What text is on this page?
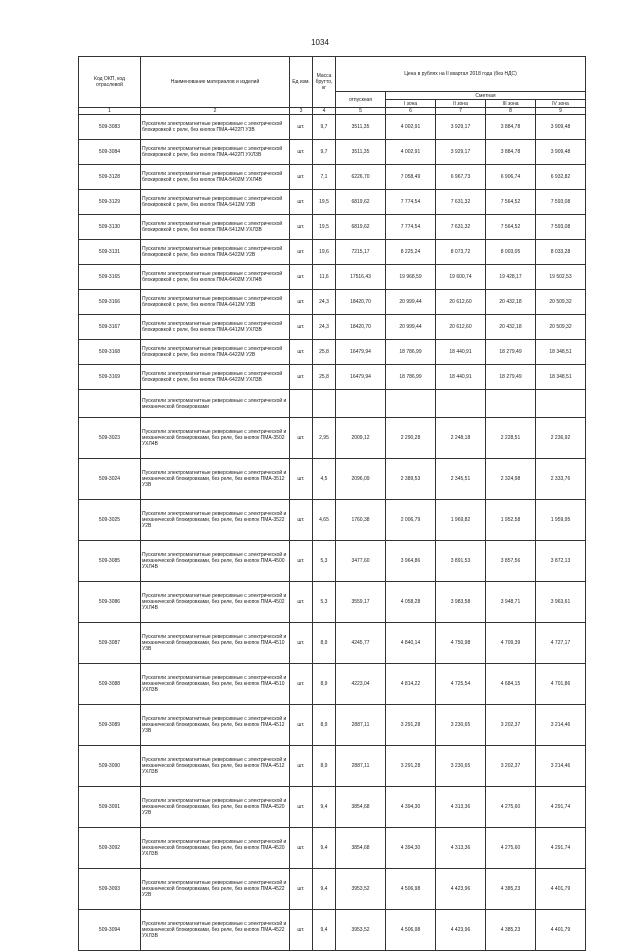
1034
Код ОКП, код отраслевой	Наименование материалов и изделий	Ед изм.	Масса брутто, кг	Цена в рублях на II квартал 2018 года (без НДС)				
				отпускная	Сметная			
					I зона	II зона	III зона	IV зона
1	2	3	4	5	6	7	8	9
509-3083	Пускатели электромагнитные реверсивные с электрической блокировкой с реле, без кнопок ПМА-4422П У3В	шт.	9,7	3511,35	4 002,91	3 929,17	3 884,78	3 909,48
509-3084	Пускатели электромагнитные реверсивные с электрической блокировкой с реле, без кнопок ПМА-4422П УХЛ3В	шт.	9,7	3511,35	4 002,91	3 929,17	3 884,78	3 909,48
509-3128	Пускатели электромагнитные реверсивные с электрической блокировкой с реле, без кнопок ПМА-5402М УХЛ4В	шт.	7,1	6226,70	7 058,49	6 967,73	6 906,74	6 932,82
509-3129	Пускатели электромагнитные реверсивные с электрической блокировкой с реле, без кнопок ПМА-5412М У3В	шт.	19,5	6819,62	7 774,54	7 631,32	7 564,52	7 593,08
509-3130	Пускатели электромагнитные реверсивные с электрической блокировкой с реле, без кнопок ПМА-5412М УХЛ3В	шт.	19,5	6819,62	7 774,54	7 631,32	7 564,52	7 593,08
509-3131	Пускатели электромагнитные реверсивные с электрической блокировкой с реле, без кнопок ПМА-5422М У2В	шт.	19,6	7215,17	8 225,24	8 073,72	8 003,05	8 033,28
509-3165	Пускатели электромагнитные реверсивные с электрической блокировкой с реле, без кнопок ПМА-6402М УХЛ4В	шт.	11,6	17516,43	19 968,59	19 600,74	19 428,17	19 502,53
509-3166	Пускатели электромагнитные реверсивные с электрической блокировкой с реле, без кнопок ПМА-6412М У3В	шт.	24,3	18420,70	20 999,44	20 612,60	20 432,18	20 509,32
509-3167	Пускатели электромагнитные реверсивные с электрической блокировкой с реле, без кнопок ПМА-6412М УХЛ3В	шт.	24,3	18420,70	20 999,44	20 612,60	20 432,18	20 509,32
509-3168	Пускатели электромагнитные реверсивные с электрической блокировкой с реле, без кнопок ПМА-6422М У2В	шт.	25,8	16479,94	18 786,99	18 440,91	18 279,49	18 348,51
509-3169	Пускатели электромагнитные реверсивные с электрической блокировкой с реле, без кнопок ПМА-6422М УХЛ3В	шт.	25,8	16479,94	18 786,99	18 440,91	18 279,49	18 348,51
	Пускатели электромагнитные реверсивные с электрической и механической блокировками							
509-3023	Пускатели электромагнитные реверсивные с электрической и механической блокировками, без реле, без кнопок ПМА-3502 УХЛ4В	шт.	2,95	2009,12	2 290,28	2 248,18	2 228,51	2 236,92
509-3024	Пускатели электромагнитные реверсивные с электрической и механической блокировками, без реле, без кнопок ПМА-3512 У3В	шт.	4,5	2096,09	2 389,53	2 345,51	2 324,98	2 333,76
509-3025	Пускатели электромагнитные реверсивные с электрической и механической блокировками, без реле, без кнопок ПМА-3522 У2В	шт.	4,65	1760,38	2 006,79	1 969,82	1 952,58	1 959,95
509-3085	Пускатели электромагнитные реверсивные с электрической и механической блокировками, без реле, без кнопок ПМА-4500 УХЛ4В	шт.	5,3	3477,60	3 964,86	3 891,53	3 857,56	3 872,13
509-3086	Пускатели электромагнитные реверсивные с электрической и механической блокировками, без реле, без кнопок ПМА-4502 УХЛ4В	шт.	5,3	3559,17	4 058,28	3 983,58	3 948,71	3 963,61
509-3087	Пускатели электромагнитные реверсивные с электрической и механической блокировками, без реле, без кнопок ПМА-4510 У3В	шт.	8,9	4245,77	4 840,14	4 750,98	4 709,39	4 727,17
509-3088	Пускатели электромагнитные реверсивные с электрической и механической блокировками, без реле, без кнопок ПМА-4510 УХЛ3В	шт.	8,9	4223,04	4 814,22	4 725,54	4 684,15	4 701,86
509-3089	Пускатели электромагнитные реверсивные с электрической и механической блокировками, без реле, без кнопок ПМА-4512 У3В	шт.	8,9	2887,11	3 291,28	3 230,65	3 202,37	3 214,46
509-3090	Пускатели электромагнитные реверсивные с электрической и механической блокировками, без реле, без кнопок ПМА-4512 УХЛ3В	шт.	8,9	2887,11	3 291,28	3 230,65	3 202,37	3 214,46
509-3091	Пускатели электромагнитные реверсивные с электрической и механической блокировками, без реле, без кнопок ПМА-4520 У2В	шт.	9,4	3854,68	4 394,30	4 313,36	4 275,60	4 291,74
509-3092	Пускатели электромагнитные реверсивные с электрической и механической блокировками, без реле, без кнопок ПМА-4520 УХЛ3В	шт.	9,4	3854,68	4 394,30	4 313,36	4 275,60	4 291,74
509-3093	Пускатели электромагнитные реверсивные с электрической и механической блокировками, без реле, без кнопок ПМА-4522 У2В	шт.	9,4	3953,52	4 506,98	4 423,96	4 385,23	4 401,79
509-3094	Пускатели электромагнитные реверсивные с электрической и механической блокировками, без реле, без кнопок ПМА-4522 УХЛ3В	шт.	9,4	3953,52	4 506,98	4 423,96	4 385,23	4 401,79
